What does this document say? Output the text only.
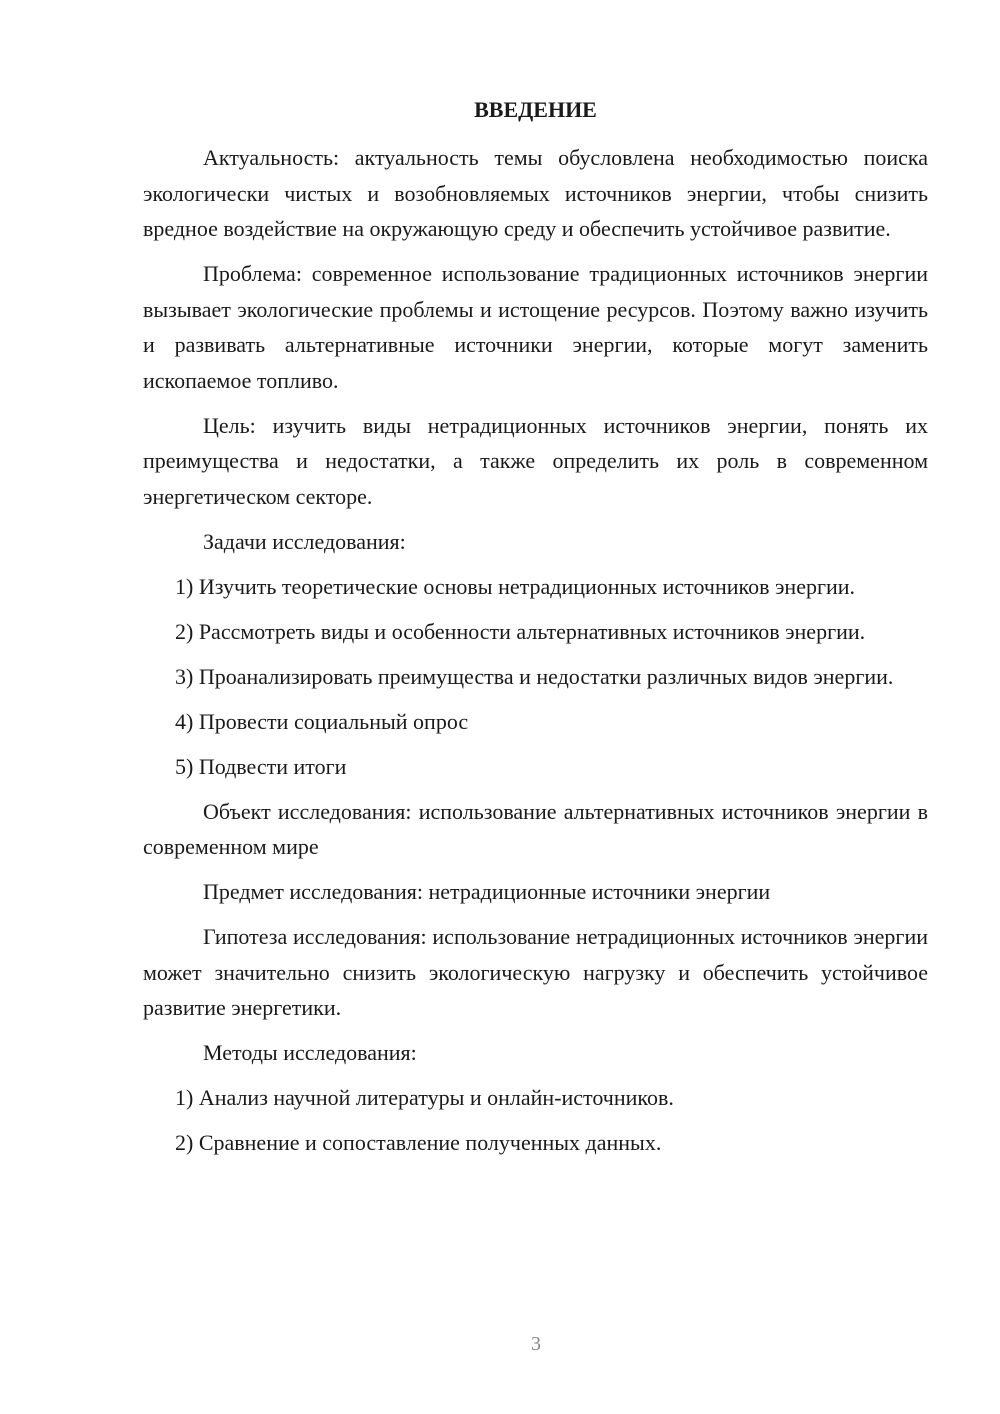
ВВЕДЕНИЕ

Актуальность: актуальность темы обусловлена необходимостью поиска экологически чистых и возобновляемых источников энергии, чтобы снизить вредное воздействие на окружающую среду и обеспечить устойчивое развитие.

Проблема: современное использование традиционных источников энергии вызывает экологические проблемы и истощение ресурсов. Поэтому важно изучить и развивать альтернативные источники энергии, которые могут заменить ископаемое топливо.

Цель: изучить виды нетрадиционных источников энергии, понять их преимущества и недостатки, а также определить их роль в современном энергетическом секторе.

Задачи исследования:

1) Изучить теоретические основы нетрадиционных источников энергии.

2) Рассмотреть виды и особенности альтернативных источников энергии.

3) Проанализировать преимущества и недостатки различных видов энергии.

4) Провести социальный опрос

5) Подвести итоги

Объект исследования: использование альтернативных источников энергии в современном мире

Предмет исследования: нетрадиционные источники энергии

Гипотеза исследования: использование нетрадиционных источников энергии может значительно снизить экологическую нагрузку и обеспечить устойчивое развитие энергетики.

Методы исследования:

1) Анализ научной литературы и онлайн-источников.

2) Сравнение и сопоставление полученных данных.

3
